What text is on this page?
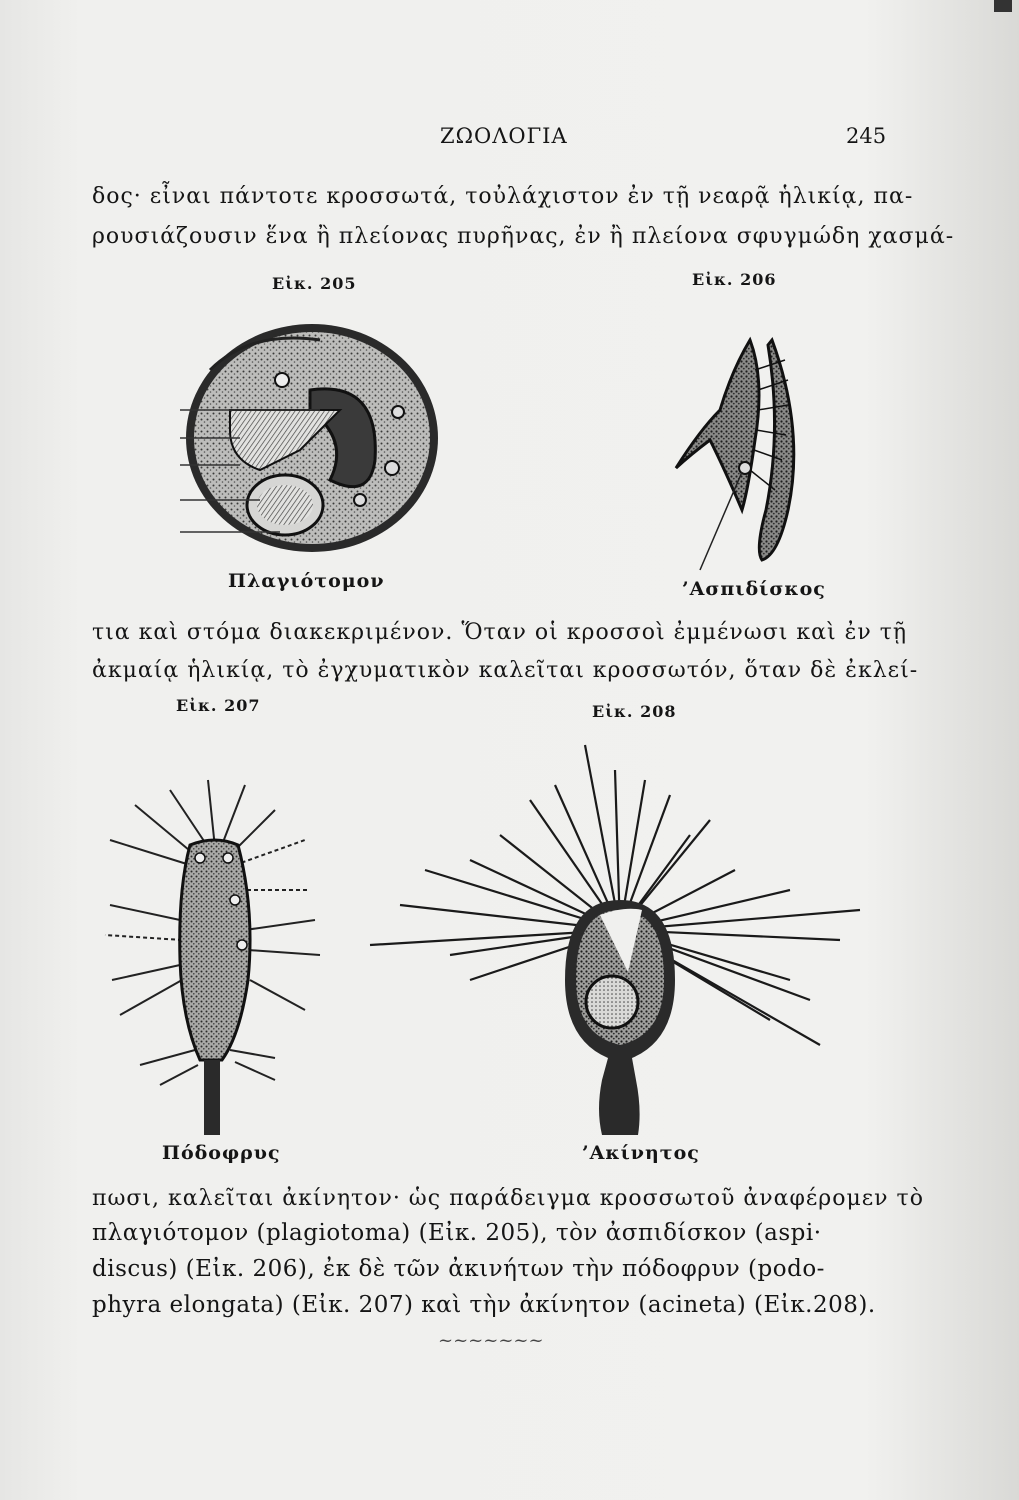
ΖΩΟΛΟΓΙΑ	245
δος· εἶναι πάντοτε κροσσωτά, τοὐλάχιστον ἐν τῇ νεαρᾷ ἡλικίᾳ, πα-
ρουσιάζουσιν ἕνα ἢ πλείονας πυρῆνας, ἐν ἢ πλείονα σφυγμώδη χασμά-
Εἰκ. 205
Πλαγιότομον
Εἰκ. 206
’Ασπιδίσκος
τια καὶ στόμα διακεκριμένον. Ὅταν οἱ κροσσοὶ ἐμμένωσι καὶ ἐν τῇ
ἀκμαίᾳ ἡλικίᾳ, τὸ ἐγχυματικὸν καλεῖται κροσσωτόν, ὅταν δὲ ἐκλεί-
Εἰκ. 207
Πόδοφρυς
Εἰκ. 208
’Ακίνητος
πωσι, καλεῖται ἀκίνητον· ὡς παράδειγμα κροσσωτοῦ ἀναφέρομεν τὸ
πλαγιότομον (plagiotoma) (Εἰκ. 205), τὸν ἀσπιδίσκον (aspi·
discus) (Εἰκ. 206), ἐκ δὲ τῶν ἀκινήτων τὴν πόδοφρυν (podo-
phyra elongata) (Εἰκ. 207) καὶ τὴν ἀκίνητον (acineta) (Εἰκ.208).
~~~~~~~
